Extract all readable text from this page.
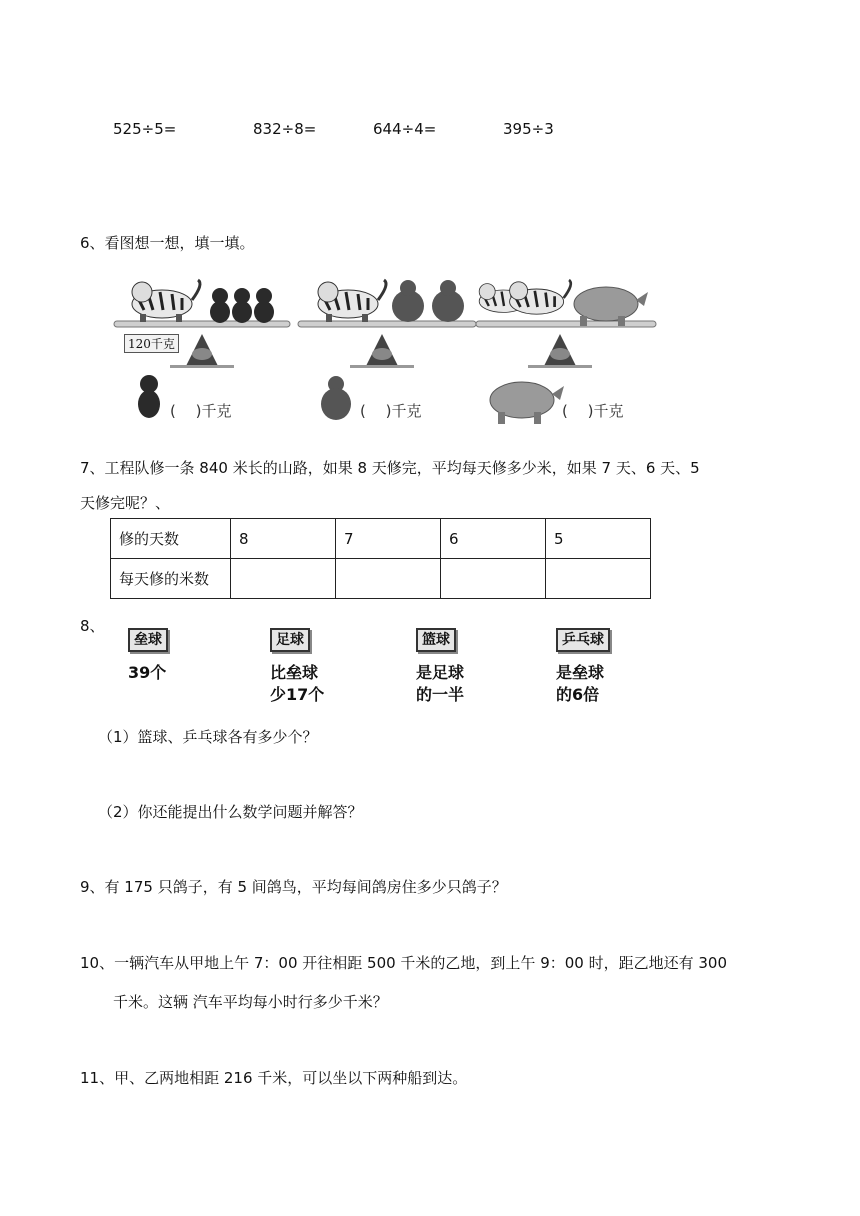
525÷5=	832÷8=	644÷4=	395÷3
6、看图想一想，填一填。
120千克
(　 )千克	(　 )千克	(　 )千克
7、工程队修一条 840 米长的山路，如果 8 天修完，平均每天修多少米，如果 7 天、6 天、5
天修完呢？、
修的天数	8	7	6	5
每天修的米数				
8、
垒球
39个
足球
比垒球
少17个
篮球
是足球
的一半
乒乓球
是垒球
的6倍
（1）篮球、乒乓球各有多少个？
（2）你还能提出什么数学问题并解答？
9、有 175 只鸽子，有 5 间鸽鸟，平均每间鸽房住多少只鸽子？
10、一辆汽车从甲地上午 7：00 开往相距 500 千米的乙地，到上午 9：00 时，距乙地还有 300
千米。这辆 汽车平均每小时行多少千米？
11、甲、乙两地相距 216 千米，可以坐以下两种船到达。
